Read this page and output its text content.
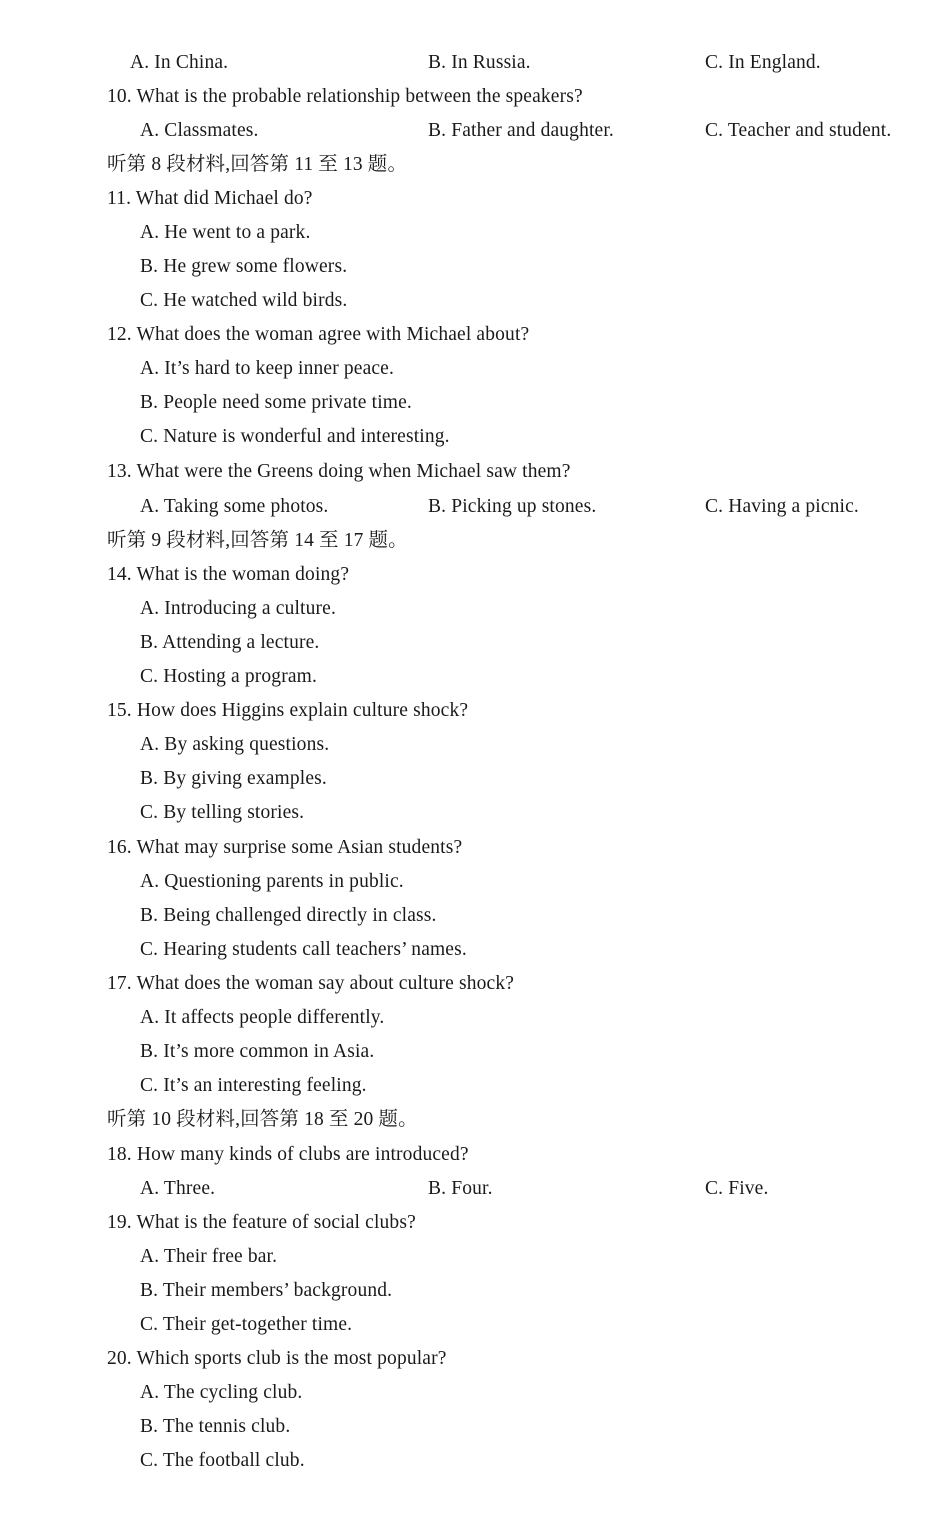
A. In China.	B. In Russia.	C. In England.
10. What is the probable relationship between the speakers?
A. Classmates.	B. Father and daughter.	C. Teacher and student.
听第 8 段材料,回答第 11 至 13 题。
11. What did Michael do?
A. He went to a park.
B. He grew some flowers.
C. He watched wild birds.
12. What does the woman agree with Michael about?
A. It’s hard to keep inner peace.
B. People need some private time.
C. Nature is wonderful and interesting.
13. What were the Greens doing when Michael saw them?
A. Taking some photos.	B. Picking up stones.	C. Having a picnic.
听第 9 段材料,回答第 14 至 17 题。
14. What is the woman doing?
A. Introducing a culture.
B. Attending a lecture.
C. Hosting a program.
15. How does Higgins explain culture shock?
A. By asking questions.
B. By giving examples.
C. By telling stories.
16. What may surprise some Asian students?
A. Questioning parents in public.
B. Being challenged directly in class.
C. Hearing students call teachers’ names.
17. What does the woman say about culture shock?
A. It affects people differently.
B. It’s more common in Asia.
C. It’s an interesting feeling.
听第 10 段材料,回答第 18 至 20 题。
18. How many kinds of clubs are introduced?
A. Three.	B. Four.	C. Five.
19. What is the feature of social clubs?
A. Their free bar.
B. Their members’ background.
C. Their get-together time.
20. Which sports club is the most popular?
A. The cycling club.
B. The tennis club.
C. The football club.
